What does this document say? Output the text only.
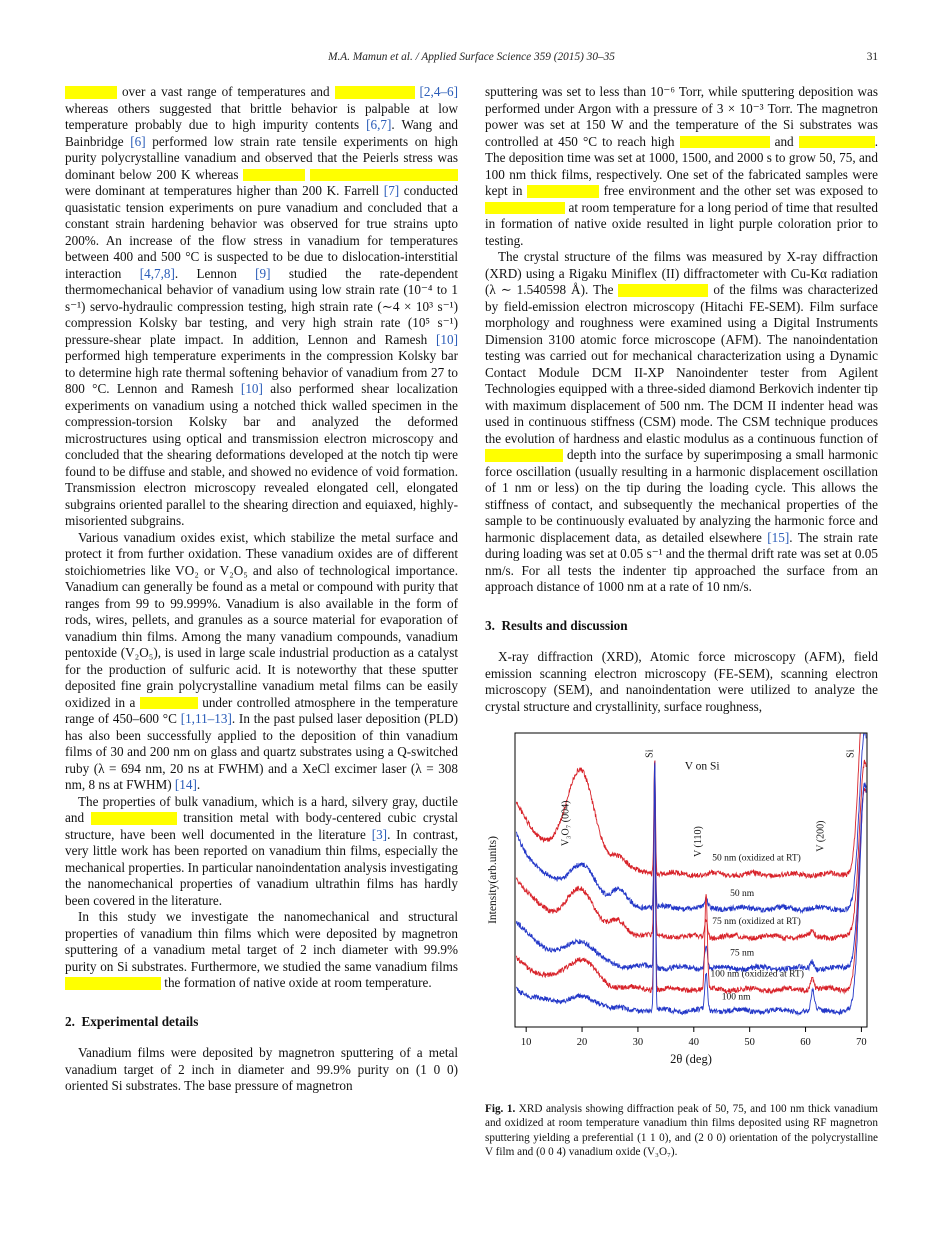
M.A. Mamun et al. / Applied Surface Science 359 (2015) 30–35	31

over a vast range of temperatures and	[2,4–6] whereas others suggested that brittle behavior is palpable at low temperature probably due to high impurity contents [6,7]. Wang and Bainbridge [6] performed low strain rate tensile experiments on high purity polycrystalline vanadium and observed that the Peierls stress was dominant below 200 K whereas   were dominant at temperatures higher than 200 K. Farrell [7] conducted quasistatic tension experiments on pure vanadium and concluded that a constant strain hardening behavior was observed for true strains upto 200%. An increase of the flow stress in vanadium for temperatures between 400 and 500 °C is suspected to be due to dislocation-interstitial interaction [4,7,8]. Lennon [9] studied the rate-dependent thermomechanical behavior of vanadium using low strain rate (10⁻⁴ to 1 s⁻¹) servo-hydraulic compression testing, high strain rate (∼4 × 10³ s⁻¹) compression Kolsky bar testing, and very high strain rate (10⁵ s⁻¹) pressure-shear plate impact. In addition, Lennon and Ramesh [10] performed high temperature experiments in the compression Kolsky bar to determine high rate thermal softening behavior of vanadium from 27 to 800 °C. Lennon and Ramesh [10] also performed shear localization experiments on vanadium using a notched thick walled specimen in the compression-torsion Kolsky bar and analyzed the deformed microstructures using optical and transmission electron microscopy and concluded that the shearing deformations developed at the notch tip were found to be diffuse and stable, and showed no evidence of void formation. Transmission electron microscopy revealed elongated cell, elongated subgrains oriented parallel to the shearing direction and equiaxed, highly-misoriented subgrains.

Various vanadium oxides exist, which stabilize the metal surface and protect it from further oxidation. These vanadium oxides are of different stoichiometries like VO₂ or V₂O₅ and also of technological importance. Vanadium can generally be found as a metal or compound with purity that ranges from 99 to 99.999%. Vanadium is also available in the form of rods, wires, pellets, and granules as a source material for evaporation of vanadium thin films. Among the many vanadium compounds, vanadium pentoxide (V₂O₅), is used in large scale industrial production as a catalyst for the production of sulfuric acid. It is noteworthy that these sputter deposited fine grain polycrystalline vanadium metal films can be easily oxidized in a	under controlled atmosphere in the temperature range of 450–600 °C [1,11–13]. In the past pulsed laser deposition (PLD) has also been successfully applied to the deposition of thin vanadium films of 30 and 200 nm on glass and quartz substrates using a Q-switched ruby (λ = 694 nm, 20 ns at FWHM) and a XeCl excimer laser (λ = 308 nm, 8 ns at FWHM) [14].

The properties of bulk vanadium, which is a hard, silvery gray, ductile and	transition metal with body-centered cubic crystal structure, have been well documented in the literature [3]. In contrast, very little work has been reported on vanadium thin films, especially the mechanical properties. In particular nanoindentation analysis investigating the nanomechanical properties of vanadium ultrathin films has hardly been covered in the literature.

In this study we investigate the nanomechanical and structural properties of vanadium thin films which were deposited by magnetron sputtering of a vanadium metal target of 2 inch diameter with 99.9% purity on Si substrates. Furthermore, we studied the same vanadium films  the formation of native oxide at room temperature.

2. Experimental details

Vanadium films were deposited by magnetron sputtering of a metal vanadium target of 2 inch in diameter and 99.9% purity on (1 0 0) oriented Si substrates. The base pressure of magnetron

sputtering was set to less than 10⁻⁶ Torr, while sputtering deposition was performed under Argon with a pressure of 3 × 10⁻³ Torr. The magnetron power was set at 150 W and the temperature of the Si substrates was controlled at 450 °C to reach high	and	. The deposition time was set at 1000, 1500, and 2000 s to grow 50, 75, and 100 nm thick films, respectively. One set of the fabricated samples were kept in	free environment and the other set was exposed to  at room temperature for a long period of time that resulted in formation of native oxide resulted in light purple coloration prior to testing.

The crystal structure of the films was measured by X-ray diffraction (XRD) using a Rigaku Miniflex (II) diffractometer with Cu-Kα radiation (λ ∼ 1.540598 Å). The	of the films was characterized by field-emission electron microscopy (Hitachi FE-SEM). Film surface morphology and roughness were examined using a Digital Instruments Dimension 3100 atomic force microscope (AFM). The nanoindentation testing was carried out for mechanical characterization using a Dynamic Contact Module DCM II-XP Nanoindenter tester from Agilent Technologies equipped with a three-sided diamond Berkovich indenter tip with maximum displacement of 500 nm. The DCM II indenter head was used in continuous stiffness (CSM) mode. The CSM technique produces the evolution of hardness and elastic modulus as a continuous function of  depth into the surface by superimposing a small harmonic force oscillation (usually resulting in a harmonic displacement oscillation of 1 nm or less) on the tip during the loading cycle. This allows the stiffness of contact, and subsequently the mechanical properties of the sample to be continuously evaluated by analyzing the harmonic force and harmonic displacement data, as detailed elsewhere [15]. The strain rate during loading was set at 0.05 s⁻¹ and the thermal drift rate was set at 0.05 nm/s. For all tests the indenter tip approached the surface from an approach distance of 1000 nm at a rate of 10 nm/s.

3. Results and discussion

X-ray diffraction (XRD), Atomic force microscopy (AFM), field emission scanning electron microscopy (FE-SEM), scanning electron microscopy (SEM), and nanoindentation were utilized to analyze the crystal structure and crystallinity, surface roughness,

50 nm (oxidized at RT)
50 nm
75 nm (oxidized at RT)
75 nm
100 nm (oxidized at RT)
100 nm
10	20	30	40	50	60	70
2θ (deg)
Intensity(arb.units)
V₃O₇ (004)
Si
V (110)	V (200)
Si
V on Si
Fig. 1. XRD analysis showing diffraction peak of 50, 75, and 100 nm thick vanadium and oxidized at room temperature vanadium thin films deposited using RF magnetron sputtering yielding a preferential (1 1 0), and (2 0 0) orientation of the polycrystalline V film and (0 0 4) vanadium oxide (V₃O₇).
